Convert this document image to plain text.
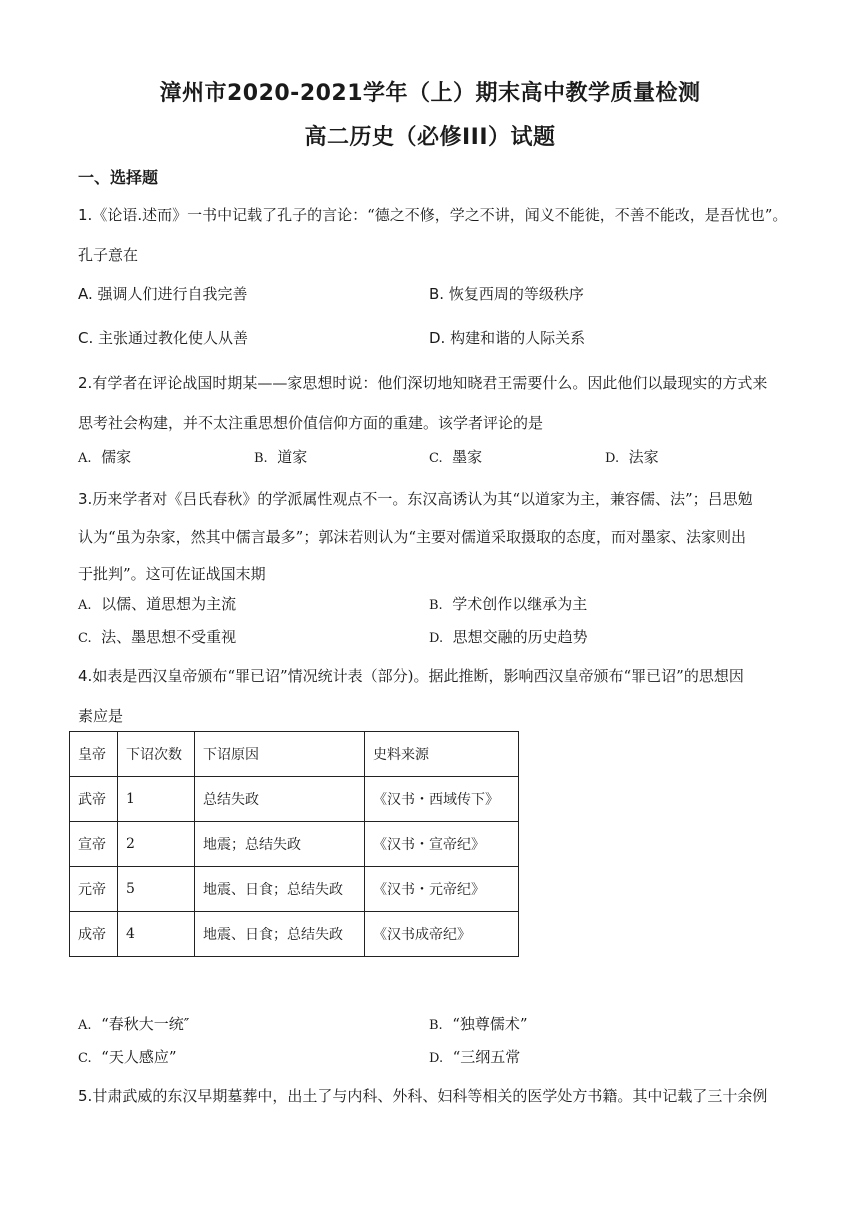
漳州市2020-2021学年（上）期末高中教学质量检测
高二历史（必修III）试题
一、选择题
1.《论语.述而》一书中记载了孔子的言论：“德之不修，学之不讲，闻义不能徙，不善不能改，是吾忧也”。
孔子意在
A. 强调人们进行自我完善	B. 恢复西周的等级秩序
C. 主张通过教化使人从善	D. 构建和谐的人际关系
2.有学者在评论战国时期某——家思想时说：他们深切地知晓君王需要什么。因此他们以最现实的方式来
思考社会构建，并不太注重思想价值信仰方面的重建。该学者评论的是
A. 儒家	B. 道家	C. 墨家	D. 法家
3.历来学者对《吕氏春秋》的学派属性观点不一。东汉高诱认为其“以道家为主，兼容儒、法”；吕思勉
认为“虽为杂家，然其中儒言最多”；郭沫若则认为“主要对儒道采取摄取的态度，而对墨家、法家则出
于批判”。这可佐证战国末期
A. 以儒、道思想为主流	B. 学术创作以继承为主
C. 法、墨思想不受重视	D. 思想交融的历史趋势
4.如表是西汉皇帝颁布“罪已诏”情况统计表（部分)。据此推断，影响西汉皇帝颁布“罪已诏”的思想因
素应是
皇帝	下诏次数	下诏原因	史料来源
武帝	1	总结失政	《汉书・西域传下》
宣帝	2	地震；总结失政	《汉书・宣帝纪》
元帝	5	地震、日食；总结失政	《汉书・元帝纪》
成帝	4	地震、日食；总结失政	《汉书成帝纪》
A. “春秋大一统″	B. “独尊儒术”
C. “天人感应”	D. “三纲五常
5.甘肃武威的东汉早期墓葬中，出土了与内科、外科、妇科等相关的医学处方书籍。其中记载了三十余例
